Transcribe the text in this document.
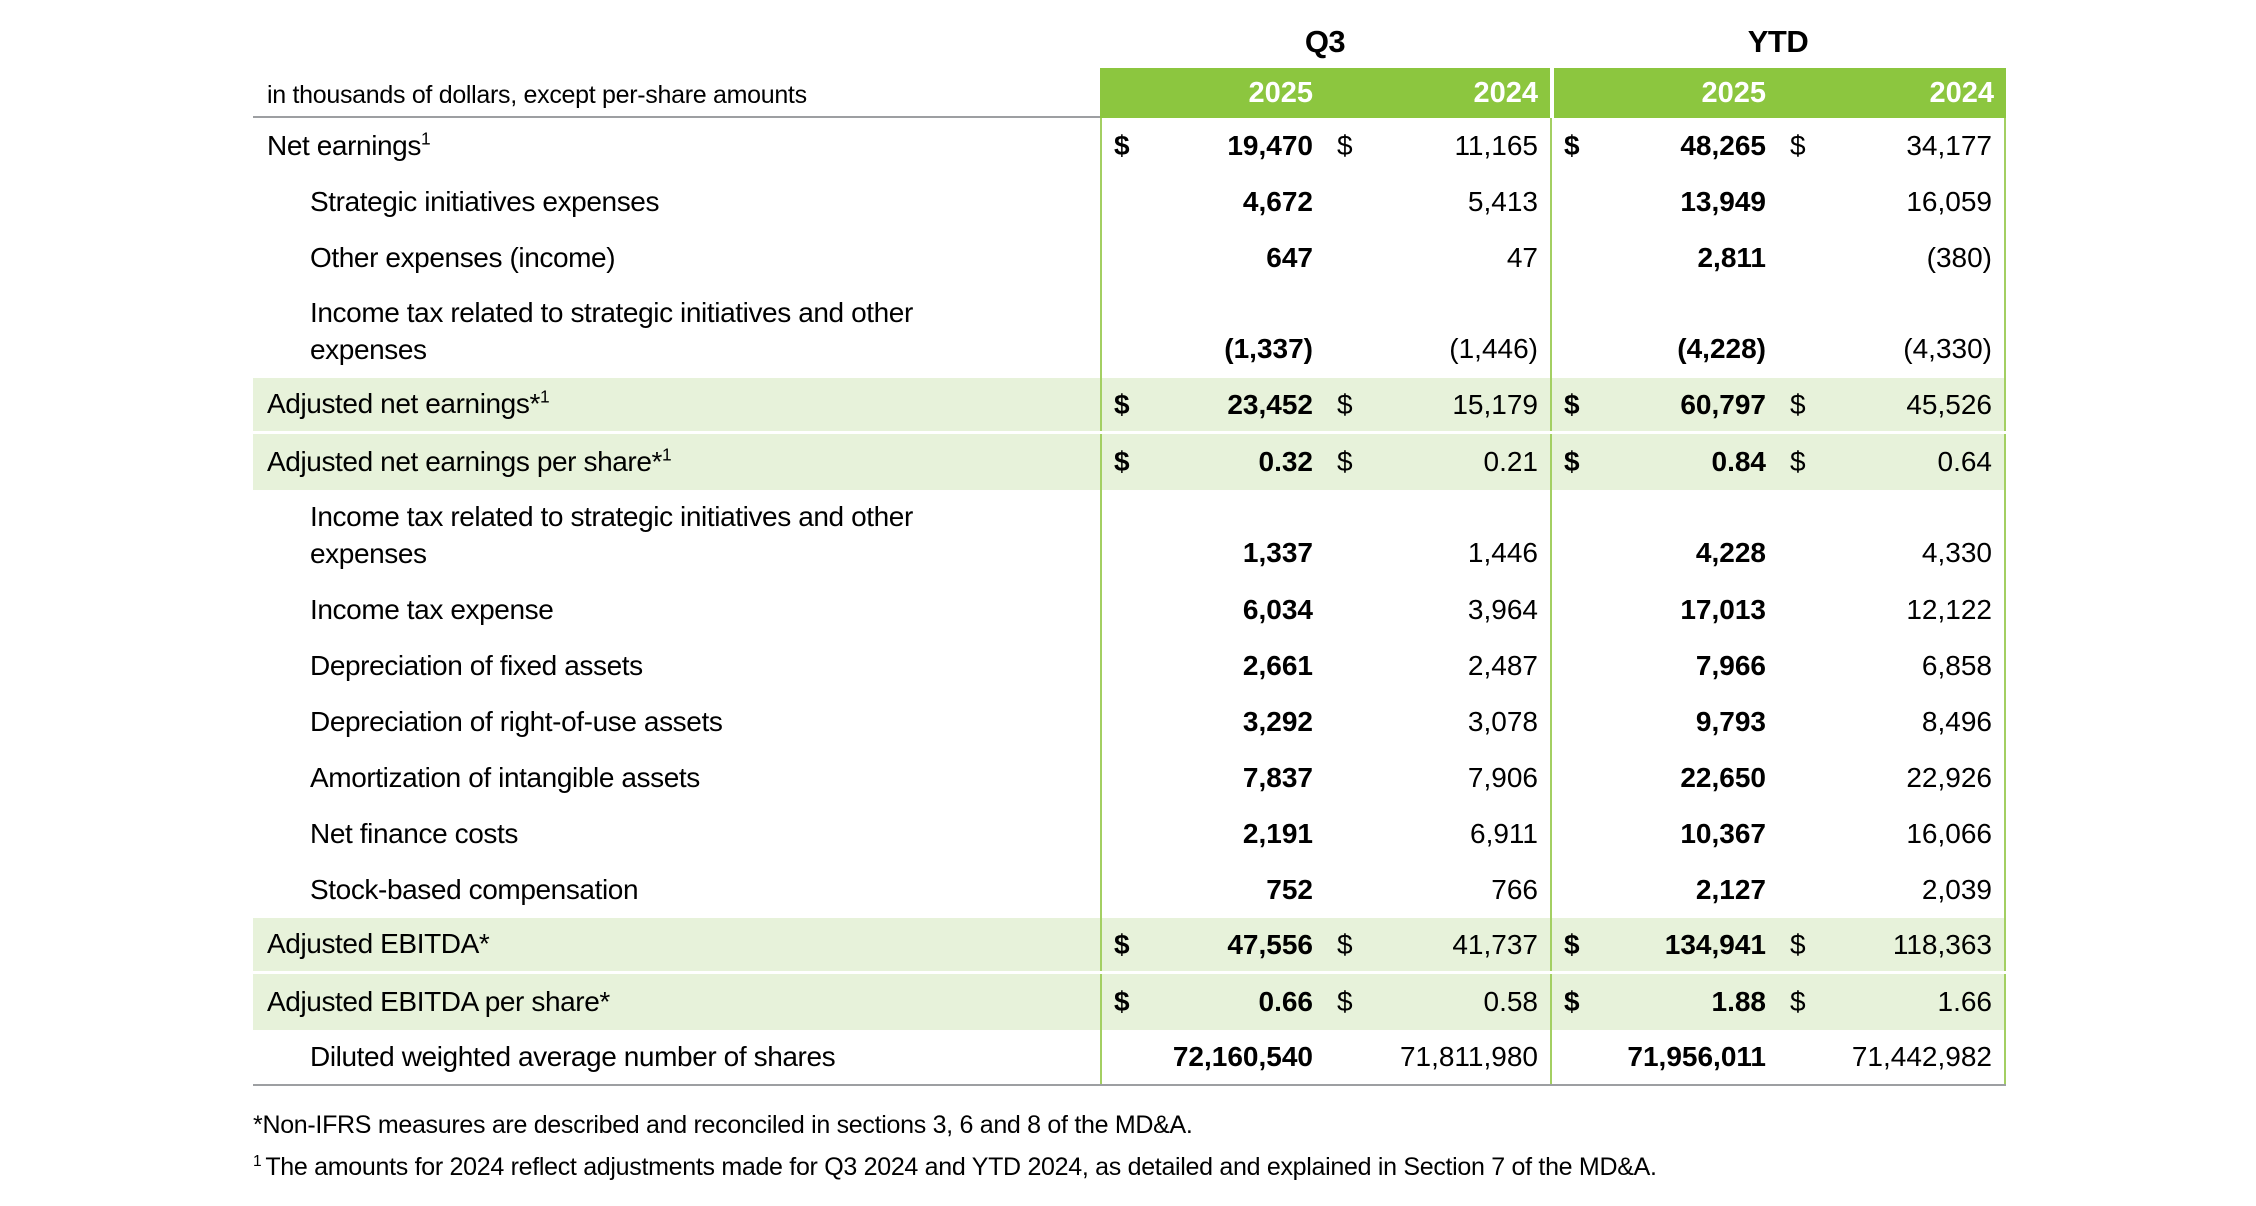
Q3	YTD
in thousands of dollars, except per-share amounts	2025	2024	2025	2024
Net earnings$^1$	$	19,470 $	11,165 $	48,265 $	34,177
Strategic initiatives expenses	4,672	5,413	13,949	16,059
Other expenses (income)	647	47	2,811	(380)
Income tax related to strategic initiatives and other
expenses	(1,337)	(1,446)	(4,228)	(4,330)
Adjusted net earnings*$^1$	$	23,452 $	15,179 $	60,797 $	45,526
Adjusted net earnings per share*$^1$	$	0.32 $	0.21 $	0.84 $	0.64
Income tax related to strategic initiatives and other
expenses	1,337	1,446	4,228	4,330
Income tax expense	6,034	3,964	17,013	12,122
Depreciation of fixed assets	2,661	2,487	7,966	6,858
Depreciation of right-of-use assets	3,292	3,078	9,793	8,496
Amortization of intangible assets	7,837	7,906	22,650	22,926
Net finance costs	2,191	6,911	10,367	16,066
Stock-based compensation	752	766	2,127	2,039
Adjusted EBITDA*	$	47,556 $	41,737 $	134,941 $	118,363
Adjusted EBITDA per share*	$	0.66 $	0.58 $	1.88 $	1.66
Diluted weighted average number of shares	72,160,540	71,811,980	71,956,011	71,442,982
*Non-IFRS measures are described and reconciled in sections 3, 6 and 8 of the MD&A.
$^1$ The amounts for 2024 reflect adjustments made for Q3 2024 and YTD 2024, as detailed and explained in Section 7 of the MD&A.
